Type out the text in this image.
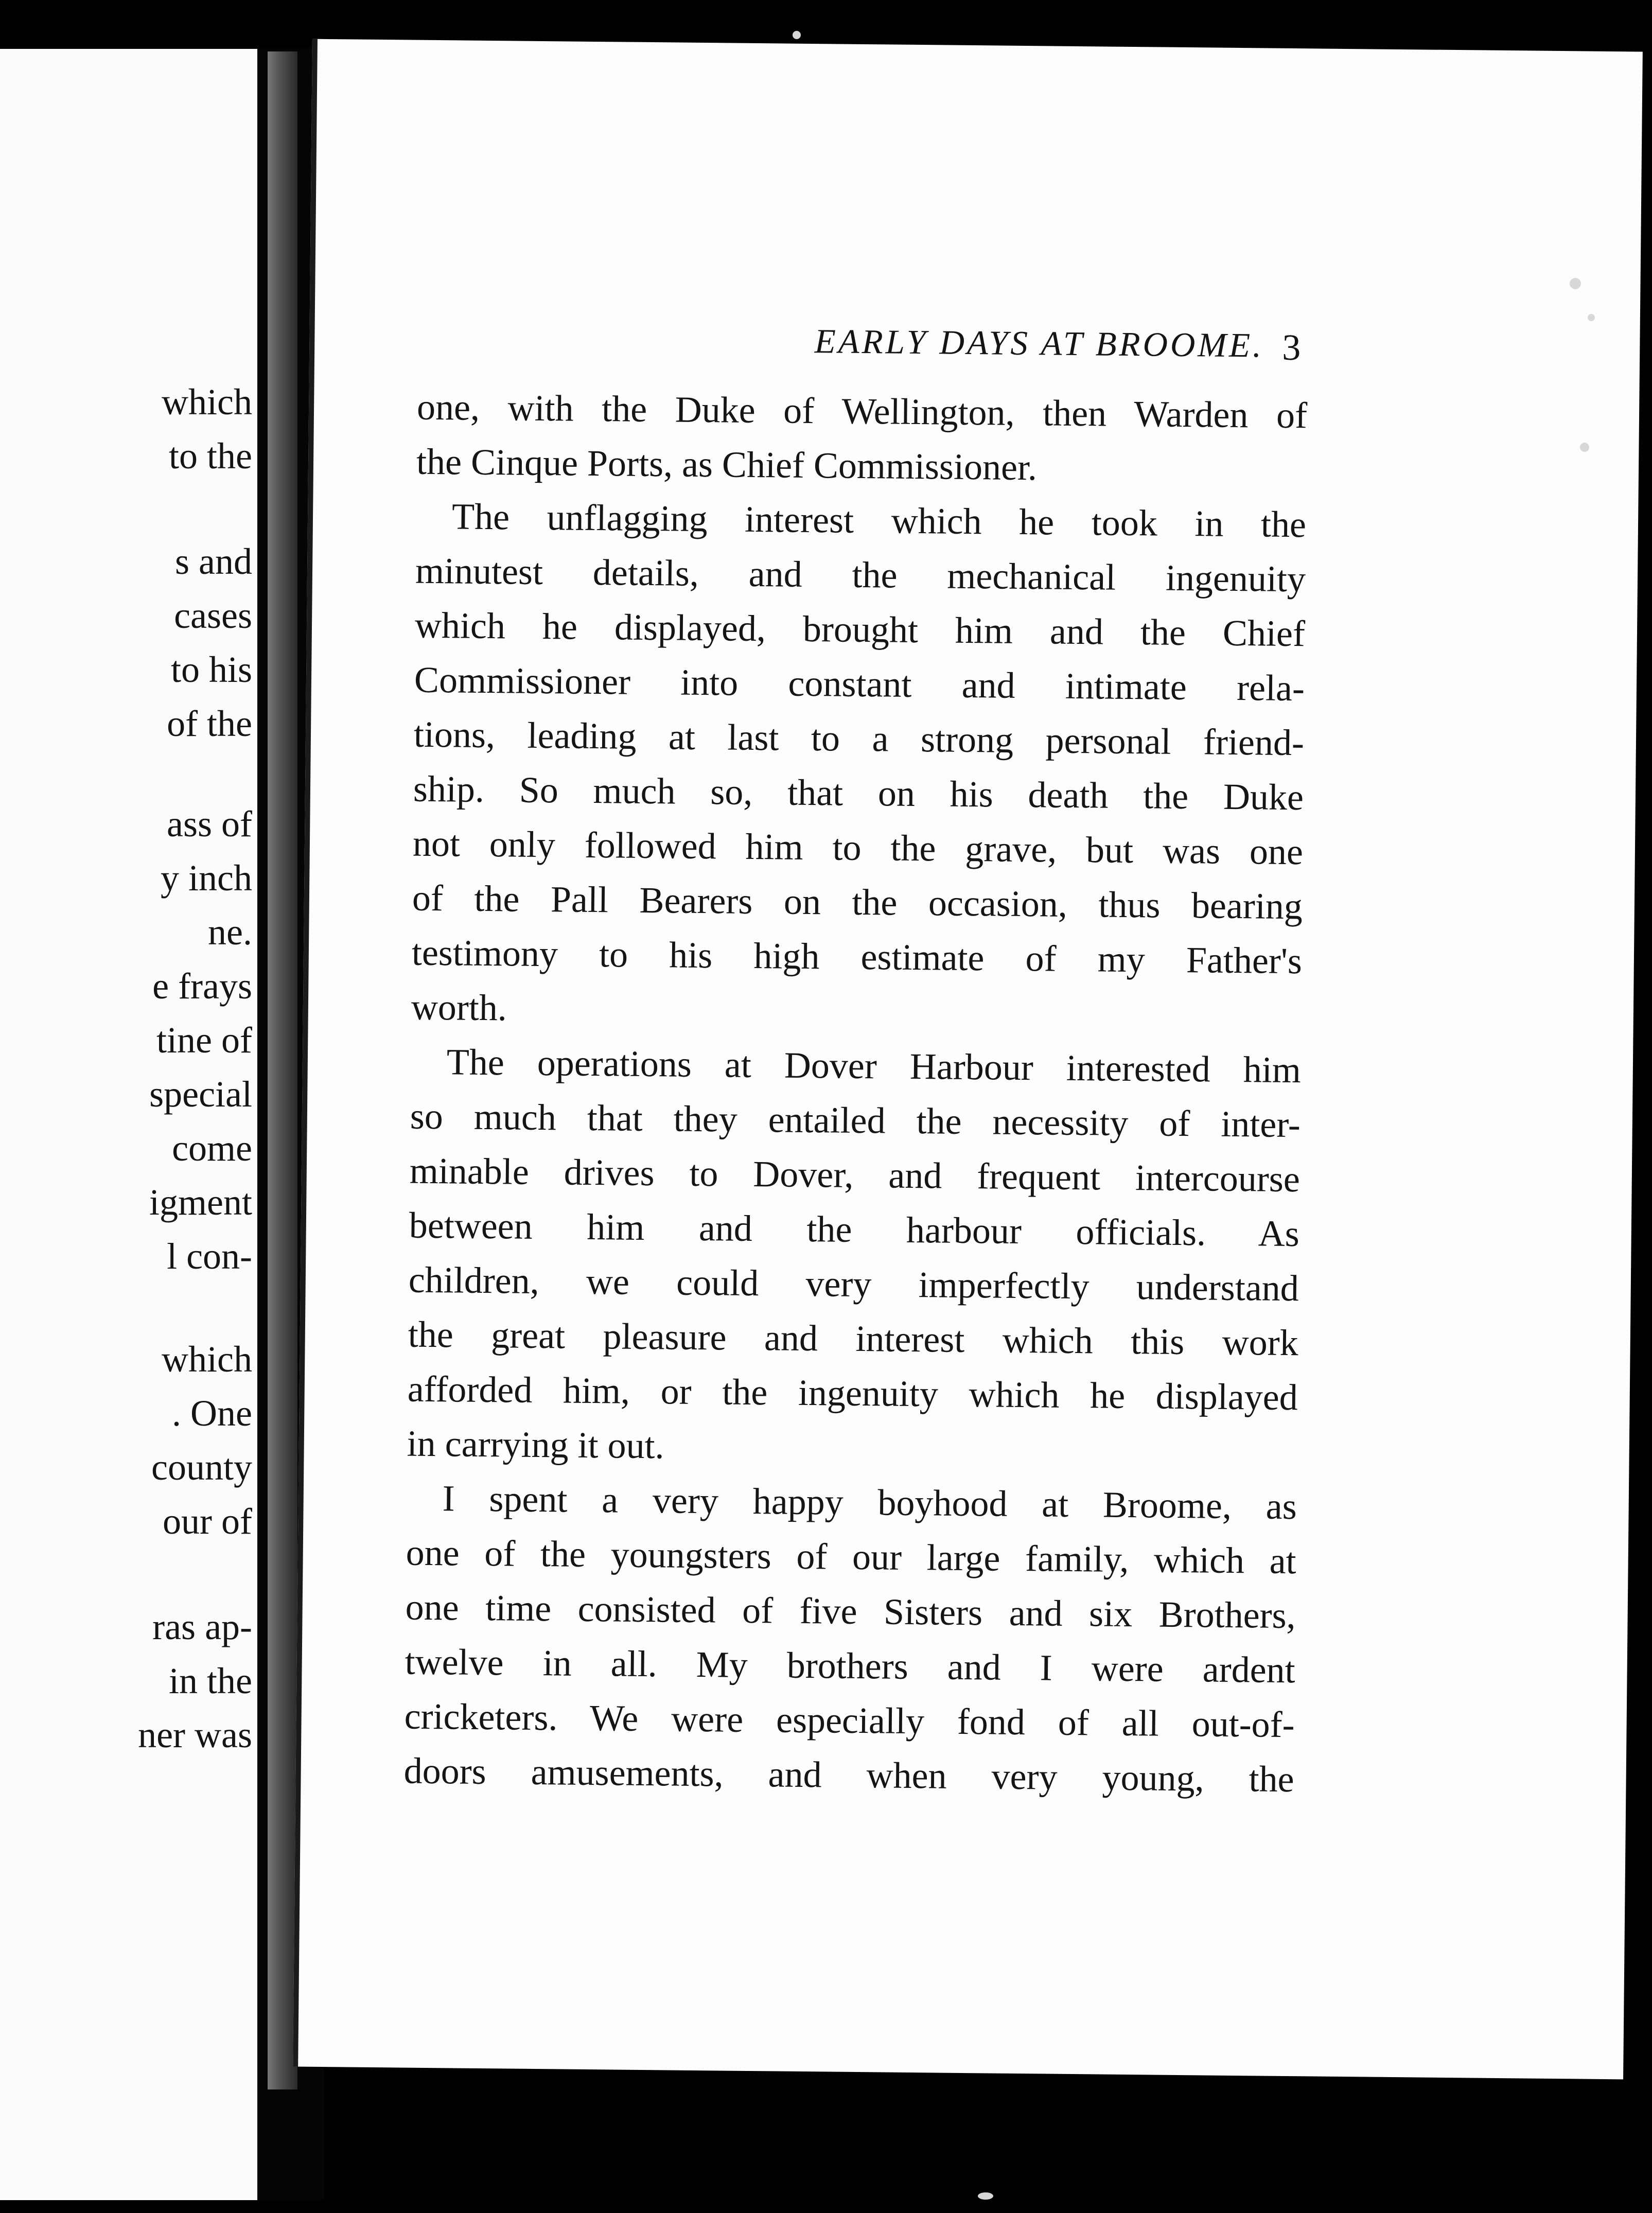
which
to the
s and
cases
to his
of the
ass of
y inch
ne.
e frays
tine of
special
come
igment
l con-
which
. One
county
our of
ras ap-
in the
ner was
EARLY DAYS AT BROOME. 3
one, with the Duke of Wellington, then Warden of
the Cinque Ports, as Chief Commissioner.
The unflagging interest which he took in the
minutest details, and the mechanical ingenuity
which he displayed, brought him and the Chief
Commissioner into constant and intimate rela-
tions, leading at last to a strong personal friend-
ship. So much so, that on his death the Duke
not only followed him to the grave, but was one
of the Pall Bearers on the occasion, thus bearing
testimony to his high estimate of my Father's
worth.
The operations at Dover Harbour interested him
so much that they entailed the necessity of inter-
minable drives to Dover, and frequent intercourse
between him and the harbour officials. As
children, we could very imperfectly understand
the great pleasure and interest which this work
afforded him, or the ingenuity which he displayed
in carrying it out.
I spent a very happy boyhood at Broome, as
one of the youngsters of our large family, which at
one time consisted of five Sisters and six Brothers,
twelve in all. My brothers and I were ardent
cricketers. We were especially fond of all out-of-
doors amusements, and when very young, the
